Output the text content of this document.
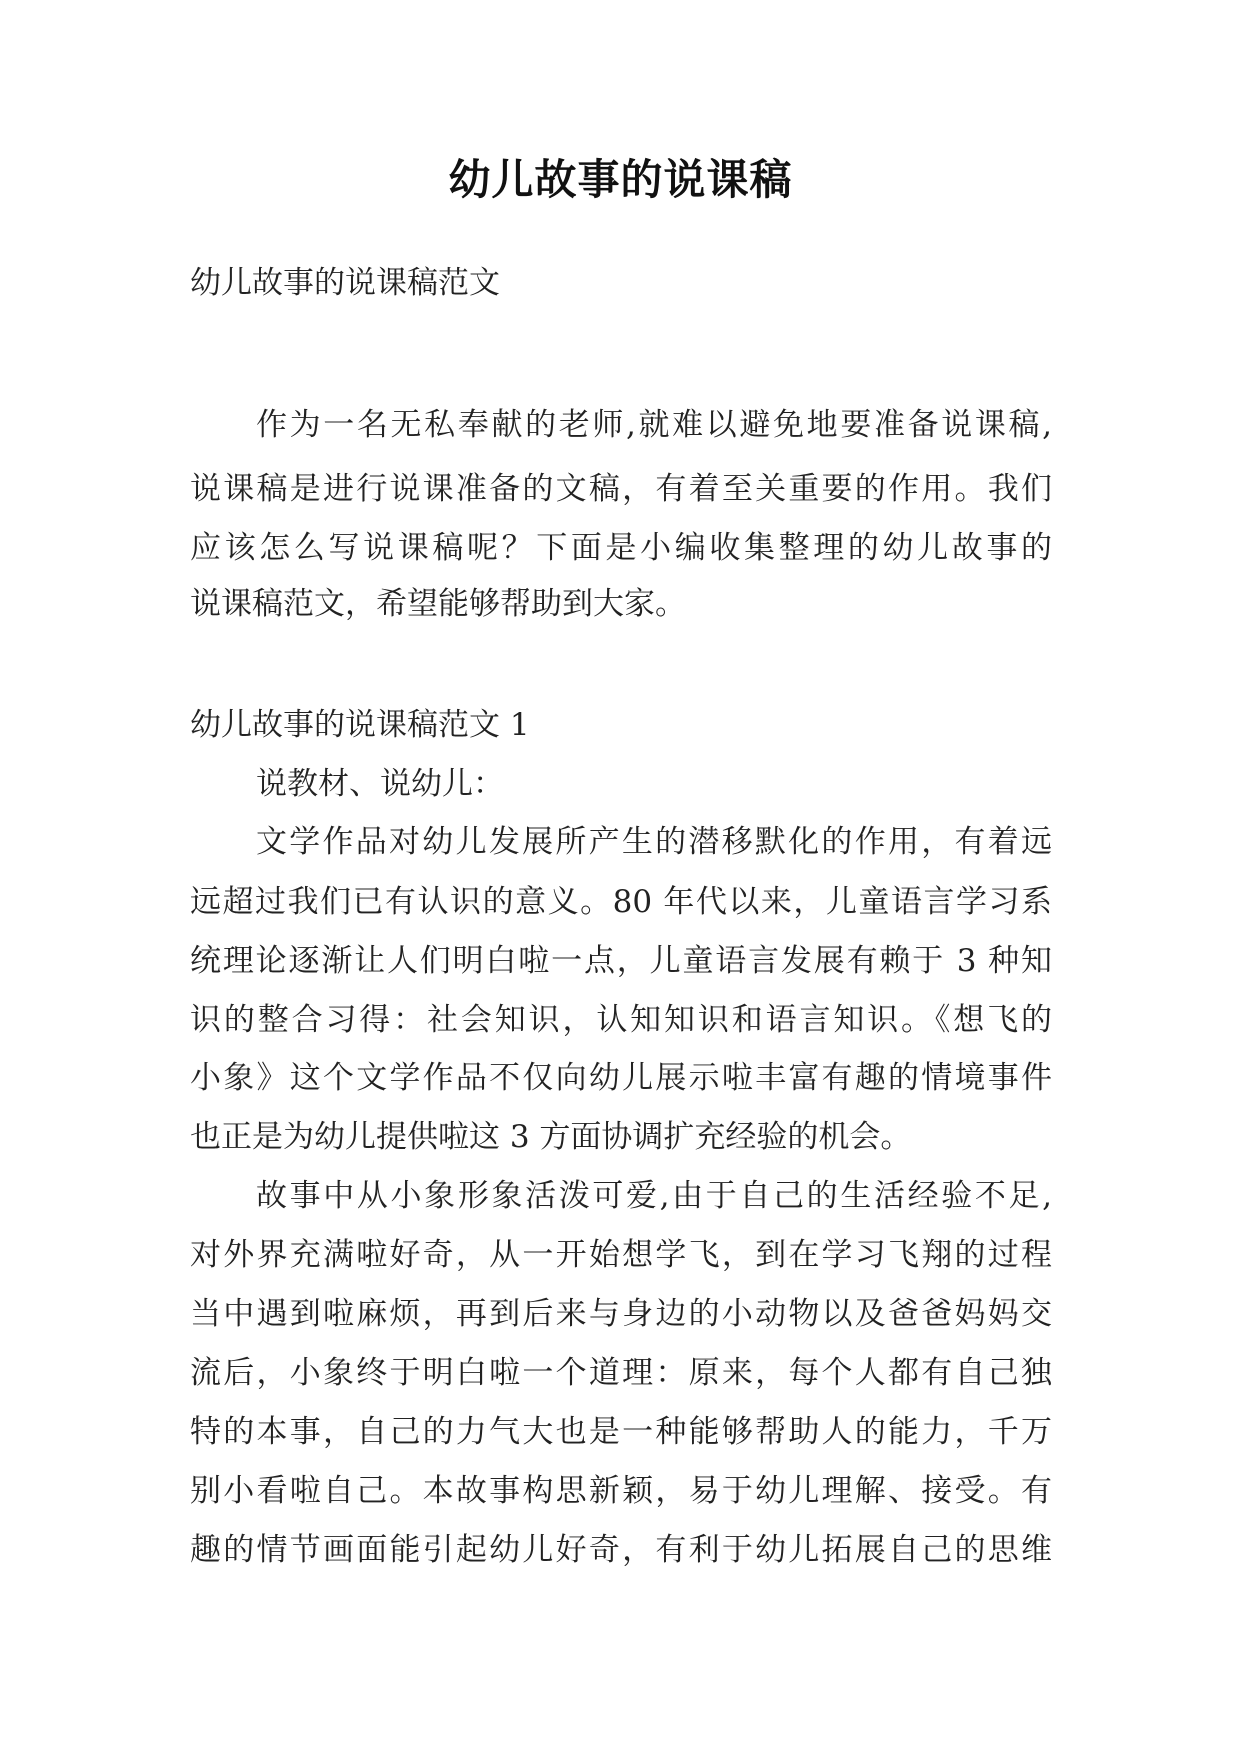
幼儿故事的说课稿
幼儿故事的说课稿范文
作为一名无私奉献的老师,就难以避免地要准备说课稿,
说课稿是进行说课准备的文稿，有着至关重要的作用。我们
应该怎么写说课稿呢？下面是小编收集整理的幼儿故事的
说课稿范文，希望能够帮助到大家。
幼儿故事的说课稿范文 1
说教材、说幼儿：
文学作品对幼儿发展所产生的潜移默化的作用，有着远
远超过我们已有认识的意义。80 年代以来，儿童语言学习系
统理论逐渐让人们明白啦一点，儿童语言发展有赖于 3 种知
识的整合习得：社会知识，认知知识和语言知识。《想飞的
小象》这个文学作品不仅向幼儿展示啦丰富有趣的情境事件
也正是为幼儿提供啦这 3 方面协调扩充经验的机会。
故事中从小象形象活泼可爱,由于自己的生活经验不足,
对外界充满啦好奇，从一开始想学飞，到在学习飞翔的过程
当中遇到啦麻烦，再到后来与身边的小动物以及爸爸妈妈交
流后，小象终于明白啦一个道理：原来，每个人都有自己独
特的本事，自己的力气大也是一种能够帮助人的能力，千万
别小看啦自己。本故事构思新颖，易于幼儿理解、接受。有
趣的情节画面能引起幼儿好奇，有利于幼儿拓展自己的思维
